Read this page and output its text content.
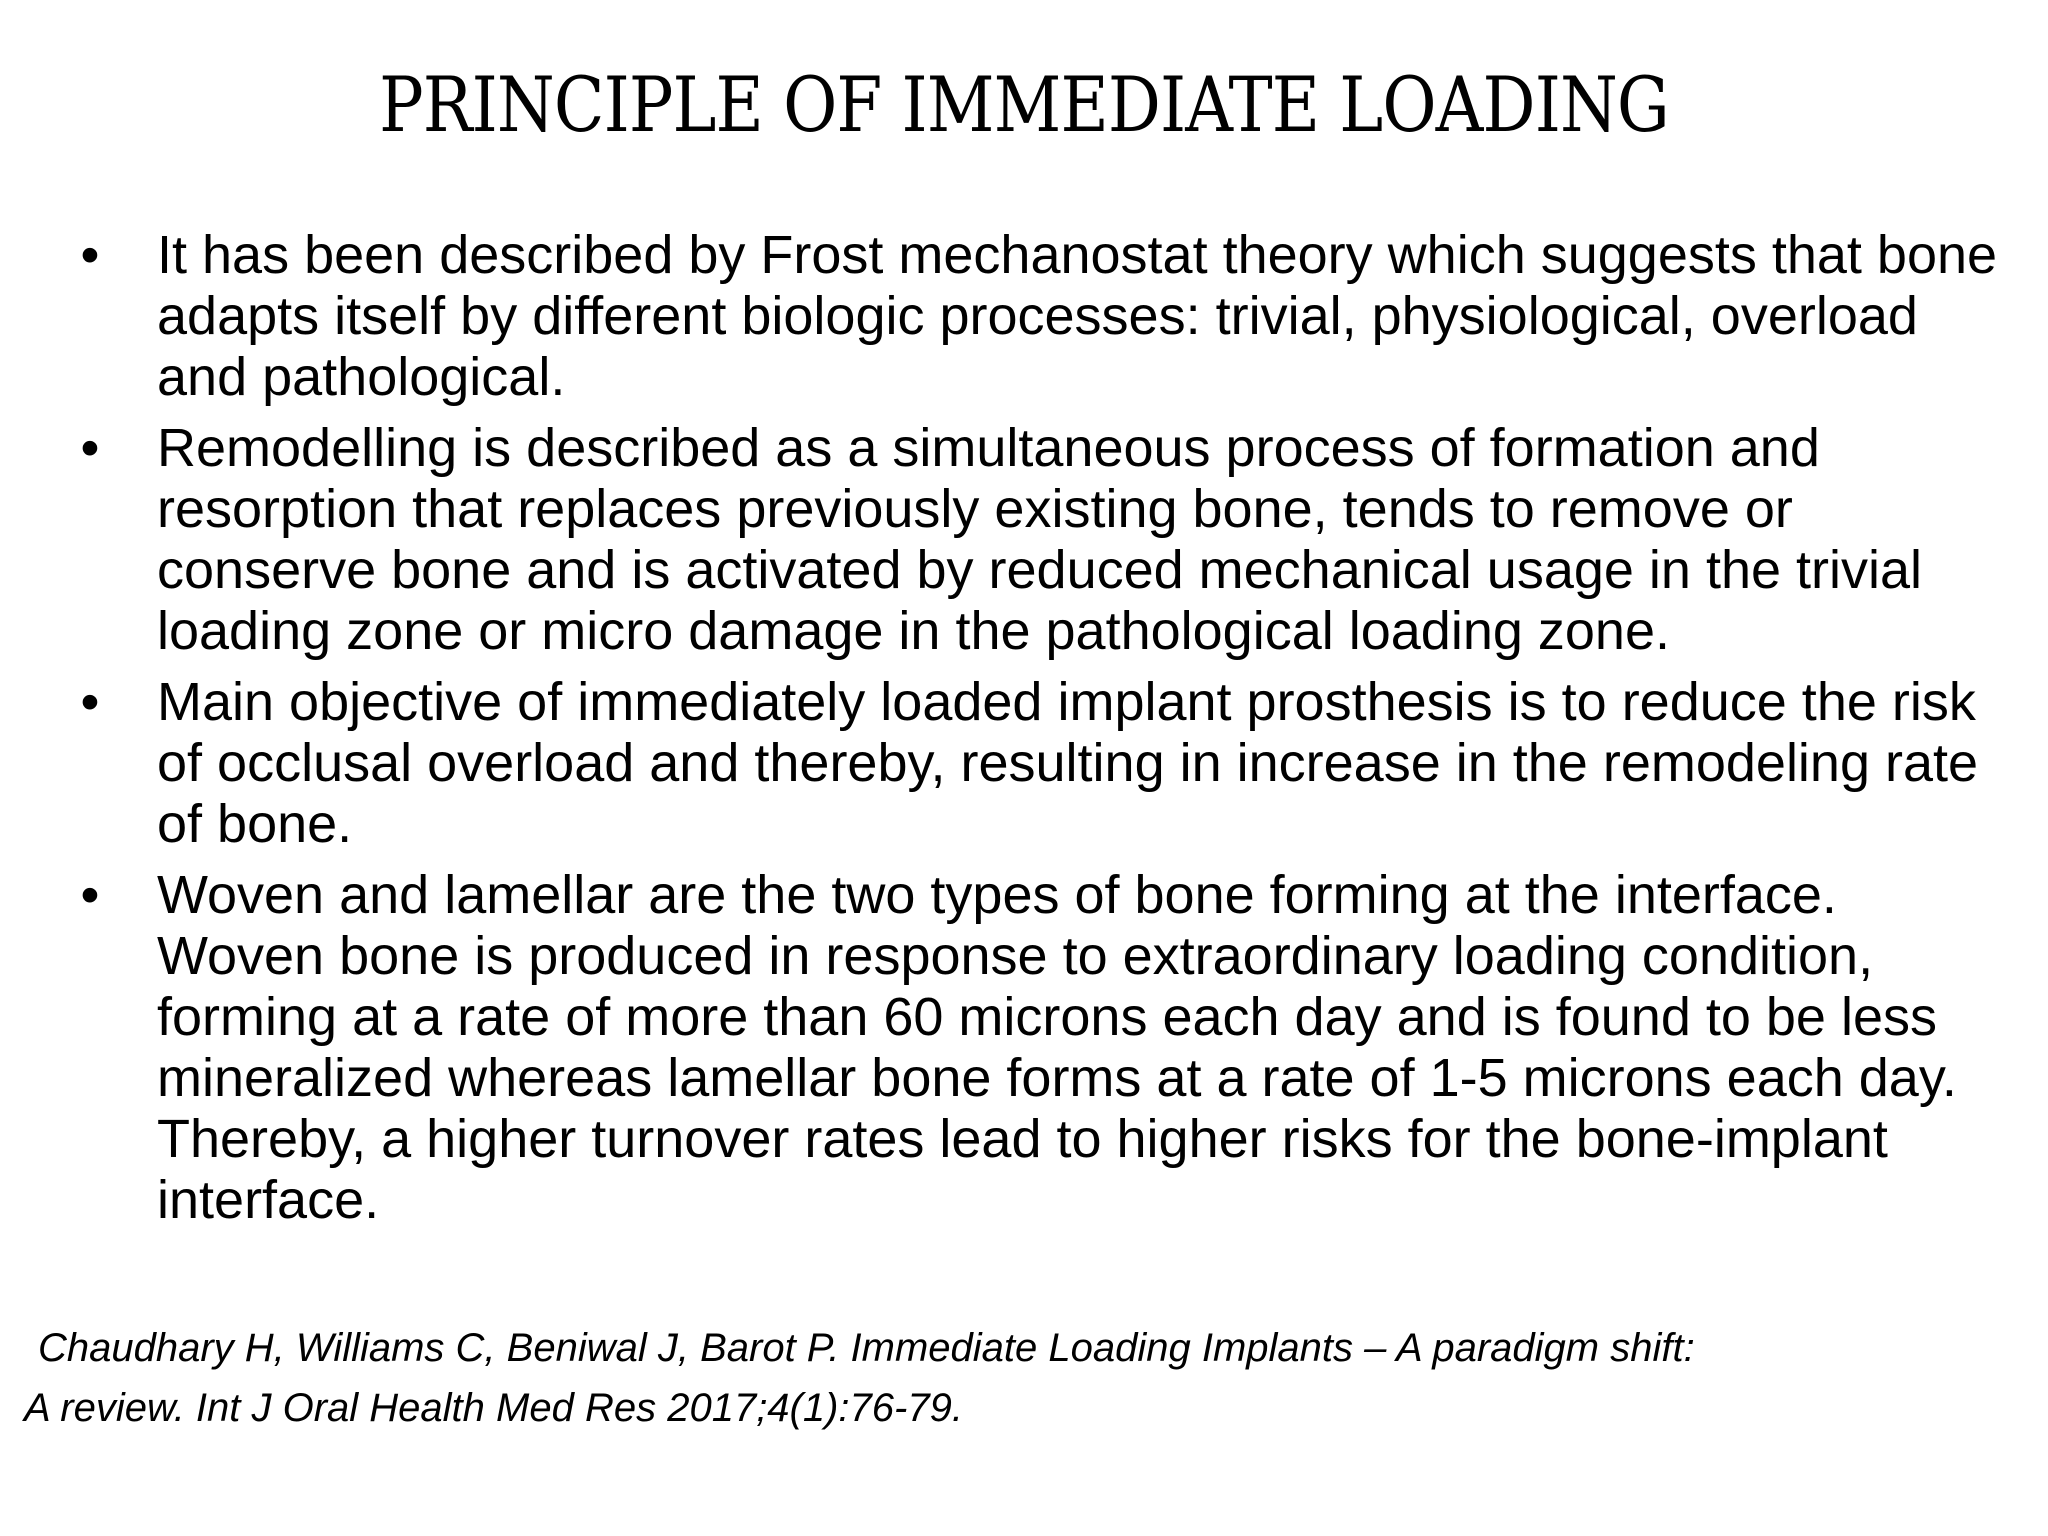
PRINCIPLE OF IMMEDIATE LOADING
• It has been described by Frost mechanostat theory which suggests that bone adapts itself by different biologic processes: trivial, physiological, overload and pathological.
• Remodelling is described as a simultaneous process of formation and resorption that replaces previously existing bone, tends to remove or conserve bone and is activated by reduced mechanical usage in the trivial loading zone or micro damage in the pathological loading zone.
• Main objective of immediately loaded implant prosthesis is to reduce the risk of occlusal overload and thereby, resulting in increase in the remodeling rate of bone.
• Woven and lamellar are the two types of bone forming at the interface. Woven bone is produced in response to extraordinary loading condition, forming at a rate of more than 60 microns each day and is found to be less mineralized whereas lamellar bone forms at a rate of 1-5 microns each day. Thereby, a higher turnover rates lead to higher risks for the bone-implant interface.

Chaudhary H, Williams C, Beniwal J, Barot P. Immediate Loading Implants – A paradigm shift:
A review. Int J Oral Health Med Res 2017;4(1):76-79.
